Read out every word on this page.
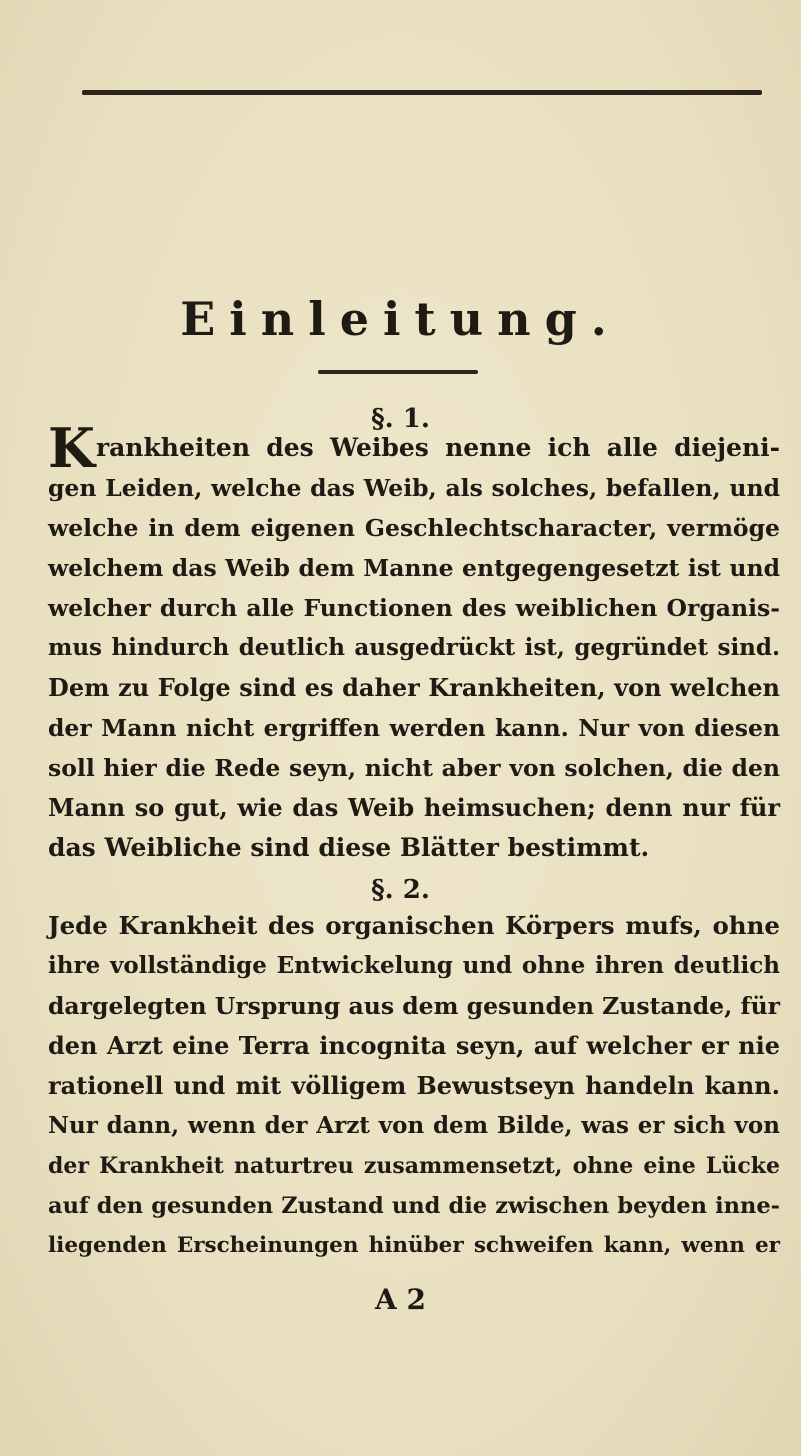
Einleitung.

§. 1.

Krankheiten des Weibes nenne ich alle diejeni-
gen Leiden, welche das Weib, als solches, befallen, und
welche in dem eigenen Geschlechtscharacter, vermöge
welchem das Weib dem Manne entgegengesetzt ist und
welcher durch alle Functionen des weiblichen Organis-
mus hindurch deutlich ausgedrückt ist, gegründet sind.
Dem zu Folge sind es daher Krankheiten, von welchen
der Mann nicht ergriffen werden kann. Nur von diesen
soll hier die Rede seyn, nicht aber von solchen, die den
Mann so gut, wie das Weib heimsuchen; denn nur für
das Weibliche sind diese Blätter bestimmt.

§. 2.

Jede Krankheit des organischen Körpers mufs, ohne
ihre vollständige Entwickelung und ohne ihren deutlich
dargelegten Ursprung aus dem gesunden Zustande, für
den Arzt eine Terra incognita seyn, auf welcher er nie
rationell und mit völligem Bewustseyn handeln kann.
Nur dann, wenn der Arzt von dem Bilde, was er sich von
der Krankheit naturtreu zusammensetzt, ohne eine Lücke
auf den gesunden Zustand und die zwischen beyden inne-
liegenden Erscheinungen hinüber schweifen kann, wenn er

A 2
